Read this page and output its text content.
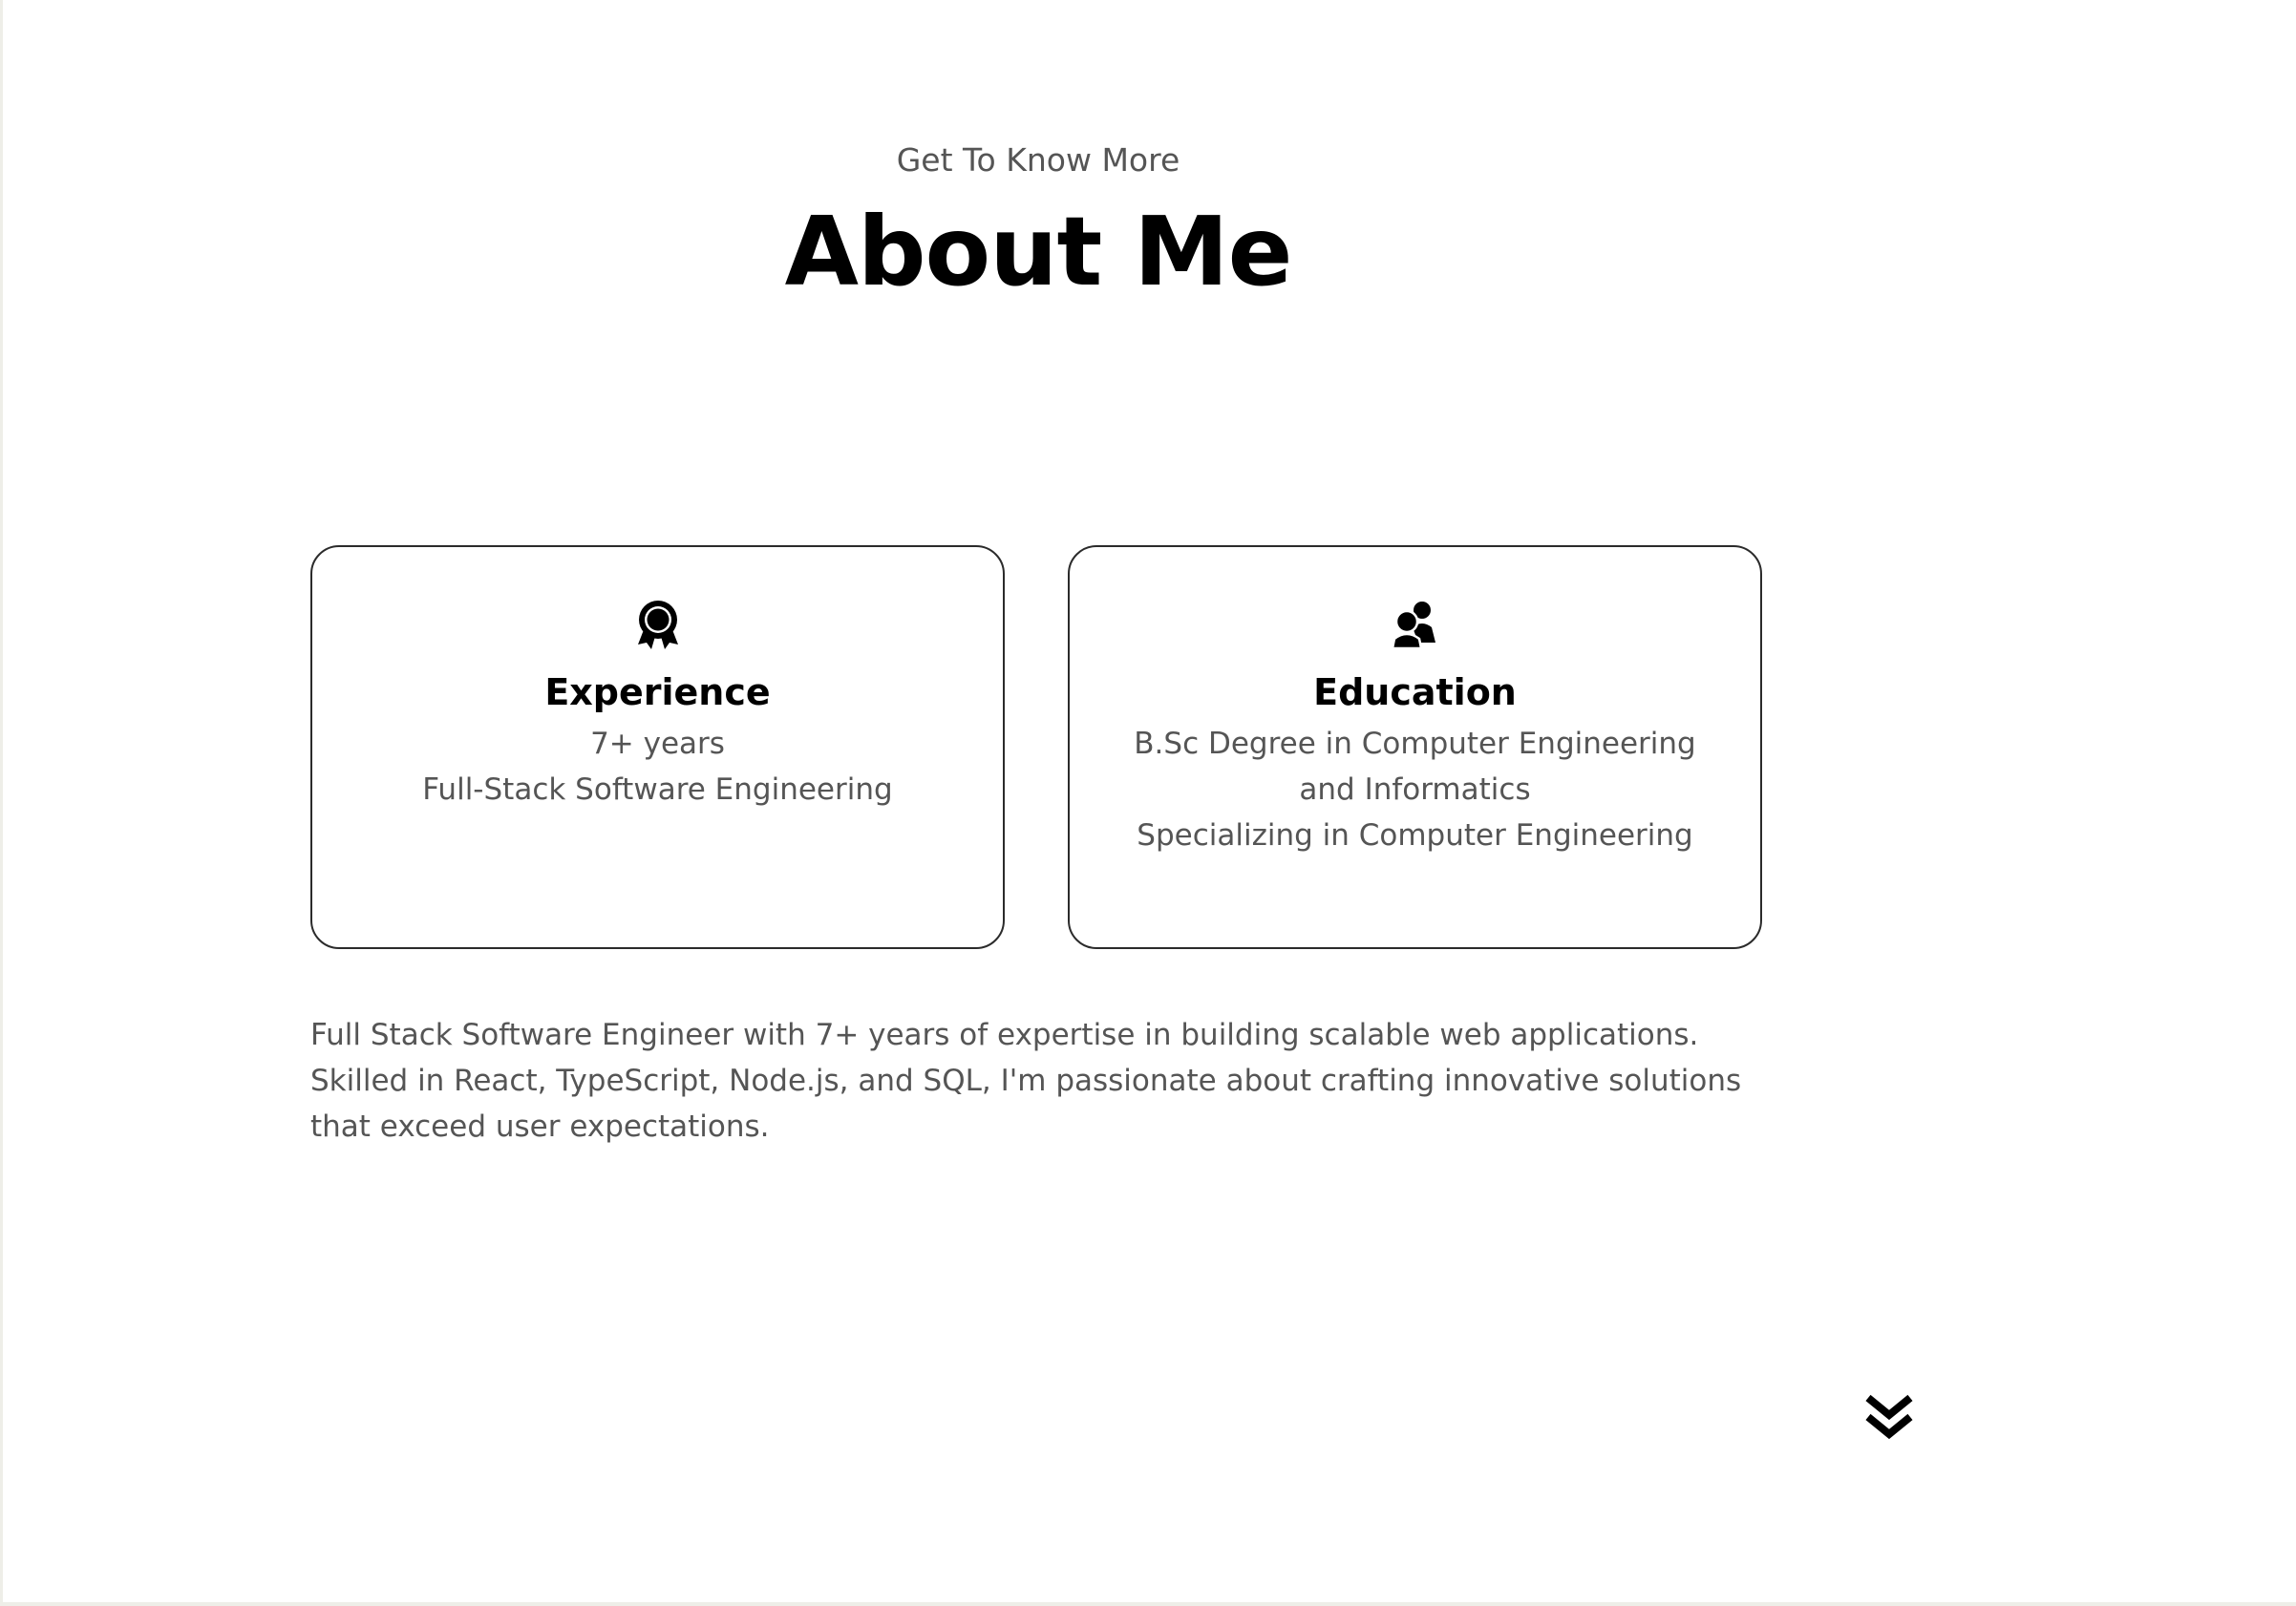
Get To Know More
About Me
Experience
7+ years
Full-Stack Software Engineering
Education
B.Sc Degree in Computer Engineering
and Informatics
Specializing in Computer Engineering
Full Stack Software Engineer with 7+ years of expertise in building scalable web applications.
Skilled in React, TypeScript, Node.js, and SQL, I'm passionate about crafting innovative solutions
that exceed user expectations.
